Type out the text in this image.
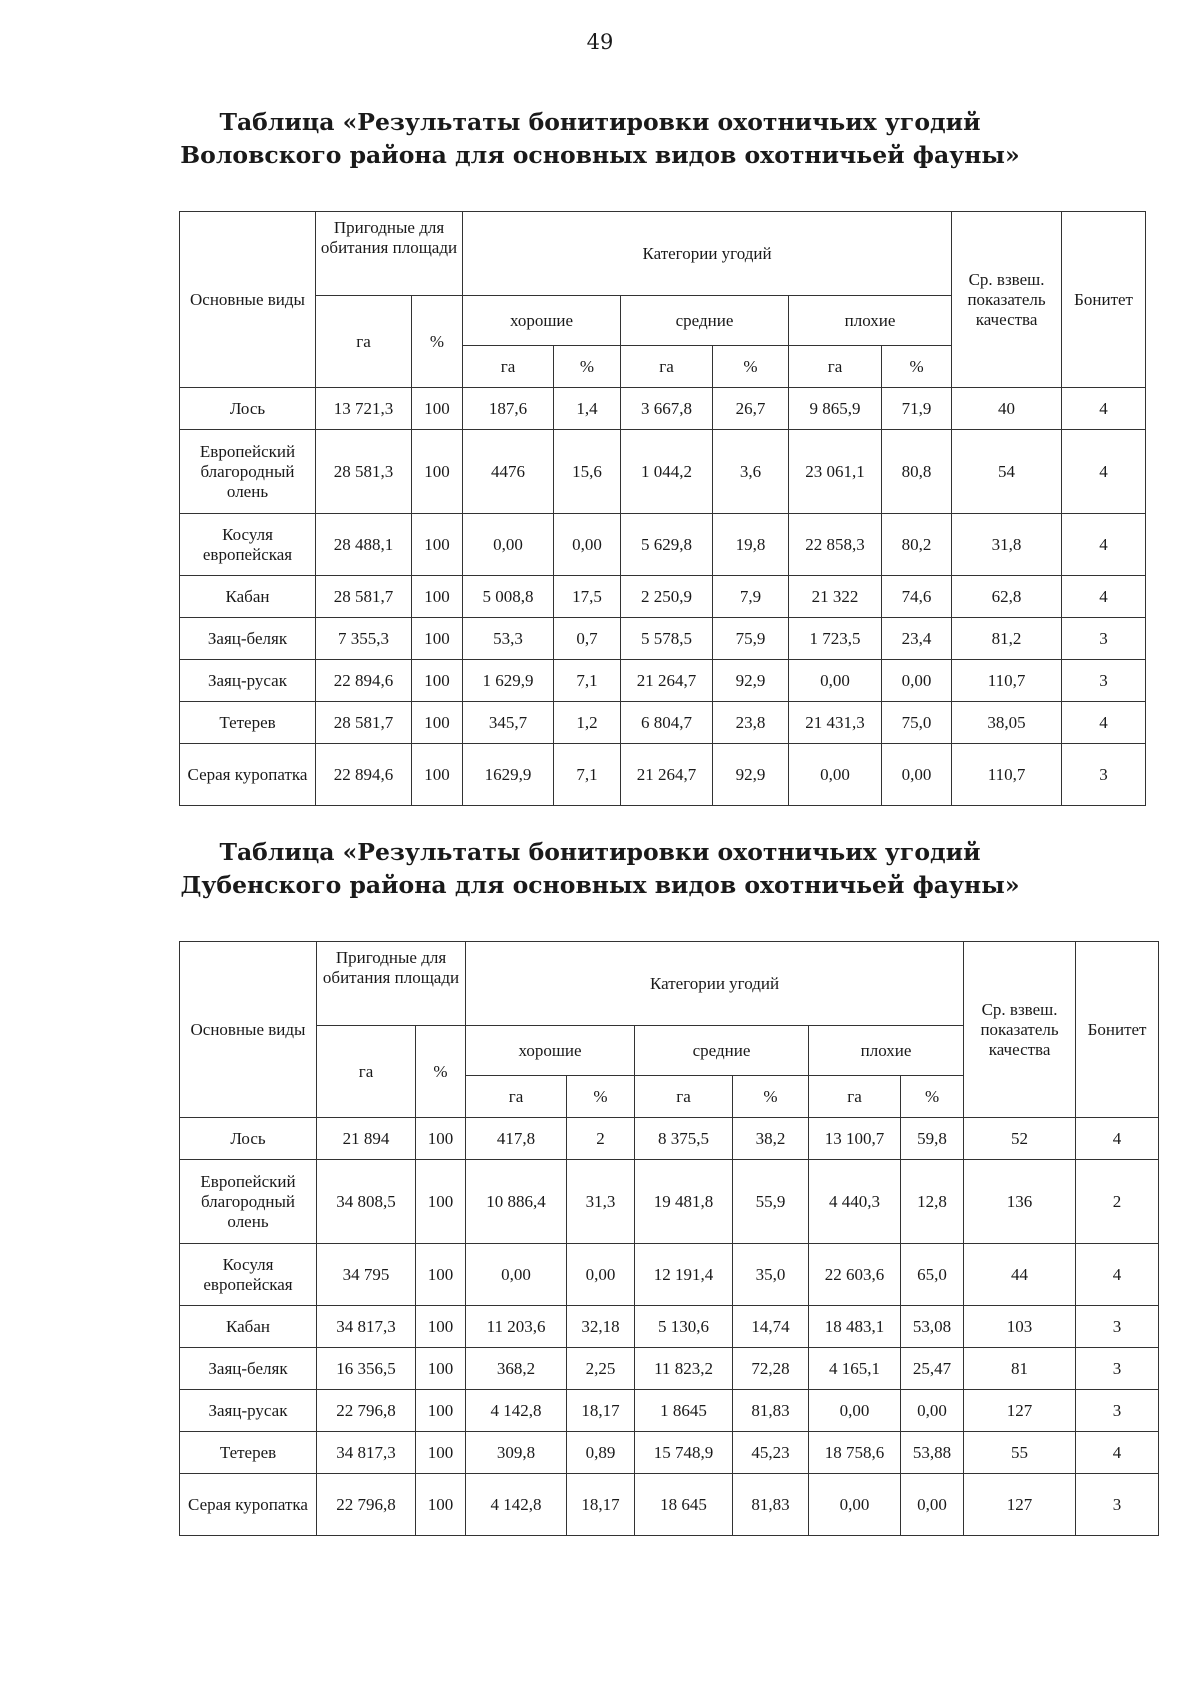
49
Таблица «Результаты бонитировки охотничьих угодий
Воловского района для основных видов охотничьей фауны»
Основные виды	Пригодные для обитания площади		Категории угодий						Ср. взвеш. показатель качества	Бонитет
	га	%	хорошие		средние		плохие			
			га	%	га	%	га	%		
Лось	13 721,3	100	187,6	1,4	3 667,8	26,7	9 865,9	71,9	40	4
Европейский благородный олень	28 581,3	100	4476	15,6	1 044,2	3,6	23 061,1	80,8	54	4
Косуля европейская	28 488,1	100	0,00	0,00	5 629,8	19,8	22 858,3	80,2	31,8	4
Кабан	28 581,7	100	5 008,8	17,5	2 250,9	7,9	21 322	74,6	62,8	4
Заяц-беляк	7 355,3	100	53,3	0,7	5 578,5	75,9	1 723,5	23,4	81,2	3
Заяц-русак	22 894,6	100	1 629,9	7,1	21 264,7	92,9	0,00	0,00	110,7	3
Тетерев	28 581,7	100	345,7	1,2	6 804,7	23,8	21 431,3	75,0	38,05	4
Серая куропатка	22 894,6	100	1629,9	7,1	21 264,7	92,9	0,00	0,00	110,7	3
Таблица «Результаты бонитировки охотничьих угодий
Дубенского района для основных видов охотничьей фауны»
Основные виды	Пригодные для обитания площади		Категории угодий						Ср. взвеш. показатель качества	Бонитет
	га	%	хорошие		средние		плохие			
			га	%	га	%	га	%		
Лось	21 894	100	417,8	2	8 375,5	38,2	13 100,7	59,8	52	4
Европейский благородный олень	34 808,5	100	10 886,4	31,3	19 481,8	55,9	4 440,3	12,8	136	2
Косуля европейская	34 795	100	0,00	0,00	12 191,4	35,0	22 603,6	65,0	44	4
Кабан	34 817,3	100	11 203,6	32,18	5 130,6	14,74	18 483,1	53,08	103	3
Заяц-беляк	16 356,5	100	368,2	2,25	11 823,2	72,28	4 165,1	25,47	81	3
Заяц-русак	22 796,8	100	4 142,8	18,17	1 8645	81,83	0,00	0,00	127	3
Тетерев	34 817,3	100	309,8	0,89	15 748,9	45,23	18 758,6	53,88	55	4
Серая куропатка	22 796,8	100	4 142,8	18,17	18 645	81,83	0,00	0,00	127	3
